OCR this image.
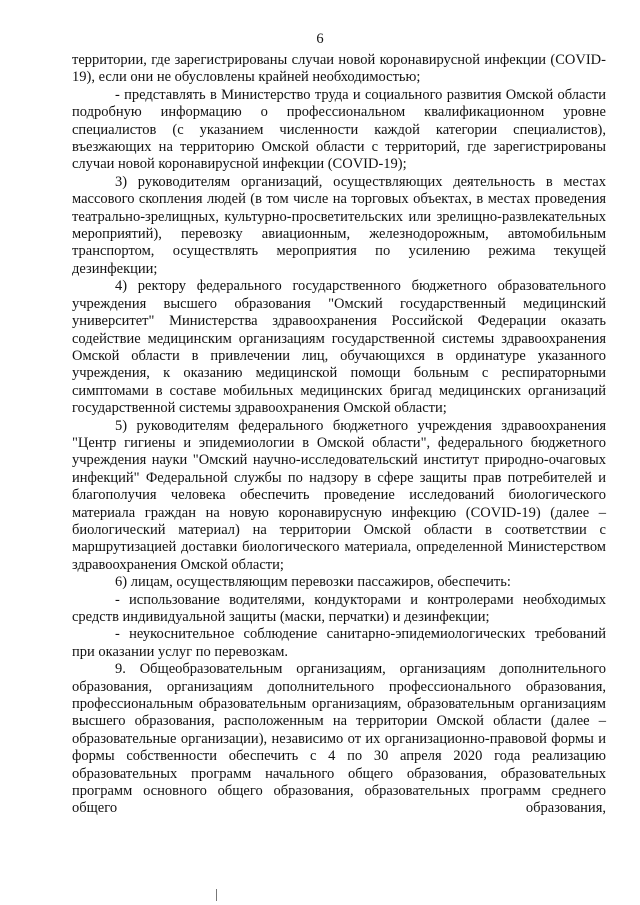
6

территории, где зарегистрированы случаи новой коронавирусной инфекции (COVID-19), если они не обусловлены крайней необходимостью;

- представлять в Министерство труда и социального развития Омской области подробную информацию о профессиональном квалификационном уровне специалистов (с указанием численности каждой категории специалистов), въезжающих на территорию Омской области с территорий, где зарегистрированы случаи новой коронавирусной инфекции (COVID-19);

3) руководителям организаций, осуществляющих деятельность в местах массового скопления людей (в том числе на торговых объектах, в местах проведения театрально-зрелищных, культурно-просветительских или зрелищно-развлекательных мероприятий), перевозку авиационным, железнодорожным, автомобильным транспортом, осуществлять мероприятия по усилению режима текущей дезинфекции;

4) ректору федерального государственного бюджетного образовательного учреждения высшего образования "Омский государственный медицинский университет" Министерства здравоохранения Российской Федерации оказать содействие медицинским организациям государственной системы здравоохранения Омской области в привлечении лиц, обучающихся в ординатуре указанного учреждения, к оказанию медицинской помощи больным с респираторными симптомами в составе мобильных медицинских бригад медицинских организаций государственной системы здравоохранения Омской области;

5) руководителям федерального бюджетного учреждения здравоохранения "Центр гигиены и эпидемиологии в Омской области", федерального бюджетного учреждения науки "Омский научно-исследовательский институт природно-очаговых инфекций" Федеральной службы по надзору в сфере защиты прав потребителей и благополучия человека обеспечить проведение исследований биологического материала граждан на новую коронавирусную инфекцию (COVID-19) (далее – биологический материал) на территории Омской области в соответствии с маршрутизацией доставки биологического материала, определенной Министерством здравоохранения Омской области;

6) лицам, осуществляющим перевозки пассажиров, обеспечить:

- использование водителями, кондукторами и контролерами необходимых средств индивидуальной защиты (маски, перчатки) и дезинфекции;

- неукоснительное соблюдение санитарно-эпидемиологических требований при оказании услуг по перевозкам.

9. Общеобразовательным организациям, организациям дополнительного образования, организациям дополнительного профессионального образования, профессиональным образовательным организациям, образовательным организациям высшего образования, расположенным на территории Омской области (далее – образовательные организации), независимо от их организационно-правовой формы и формы собственности обеспечить с 4 по 30 апреля 2020 года реализацию образовательных программ начального общего образования, образовательных программ основного общего образования, образовательных программ среднего общего образования,
